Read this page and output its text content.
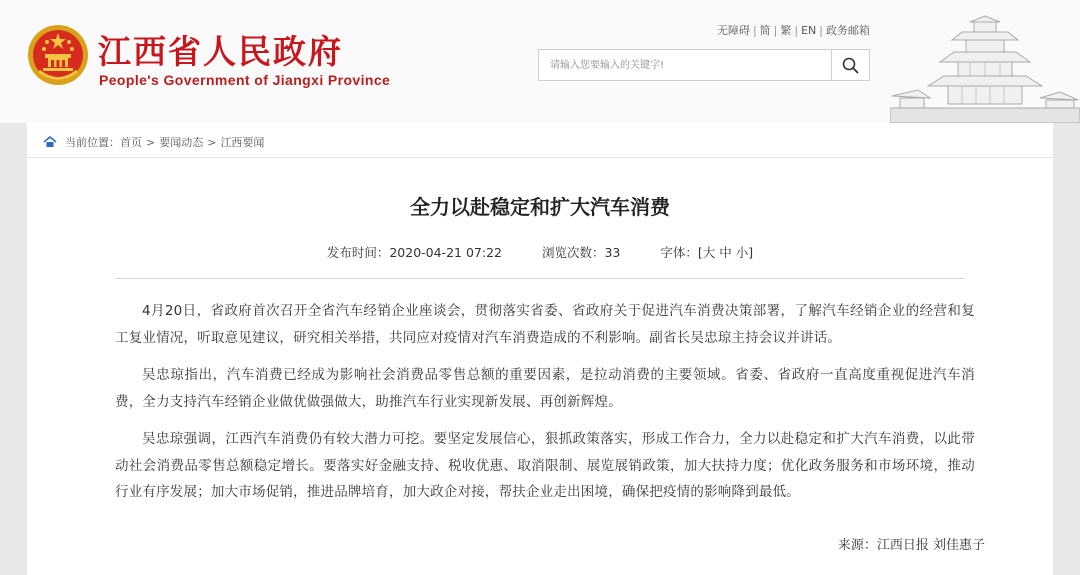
江西省人民政府
People's Government of Jiangxi Province
无障碍 | 简 | 繁 | EN | 政务邮箱
请输入您要输入的关键字!
当前位置： 首页 > 要闻动态 > 江西要闻
全力以赴稳定和扩大汽车消费
发布时间：2020-04-21 07:22	浏览次数：33	字体：[大 中 小]

4月20日，省政府首次召开全省汽车经销企业座谈会，贯彻落实省委、省政府关于促进汽车消费决策部署，了解汽车经销企业的经营和复工复业情况，听取意见建议，研究相关举措，共同应对疫情对汽车消费造成的不利影响。副省长吴忠琼主持会议并讲话。

吴忠琼指出，汽车消费已经成为影响社会消费品零售总额的重要因素，是拉动消费的主要领域。省委、省政府一直高度重视促进汽车消费，全力支持汽车经销企业做优做强做大，助推汽车行业实现新发展、再创新辉煌。

吴忠琼强调，江西汽车消费仍有较大潜力可挖。要坚定发展信心，狠抓政策落实，形成工作合力，全力以赴稳定和扩大汽车消费，以此带动社会消费品零售总额稳定增长。要落实好金融支持、税收优惠、取消限制、展览展销政策，加大扶持力度；优化政务服务和市场环境，推动行业有序发展；加大市场促销，推进品牌培育，加大政企对接，帮扶企业走出困境，确保把疫情的影响降到最低。

来源：江西日报 刘佳惠子
